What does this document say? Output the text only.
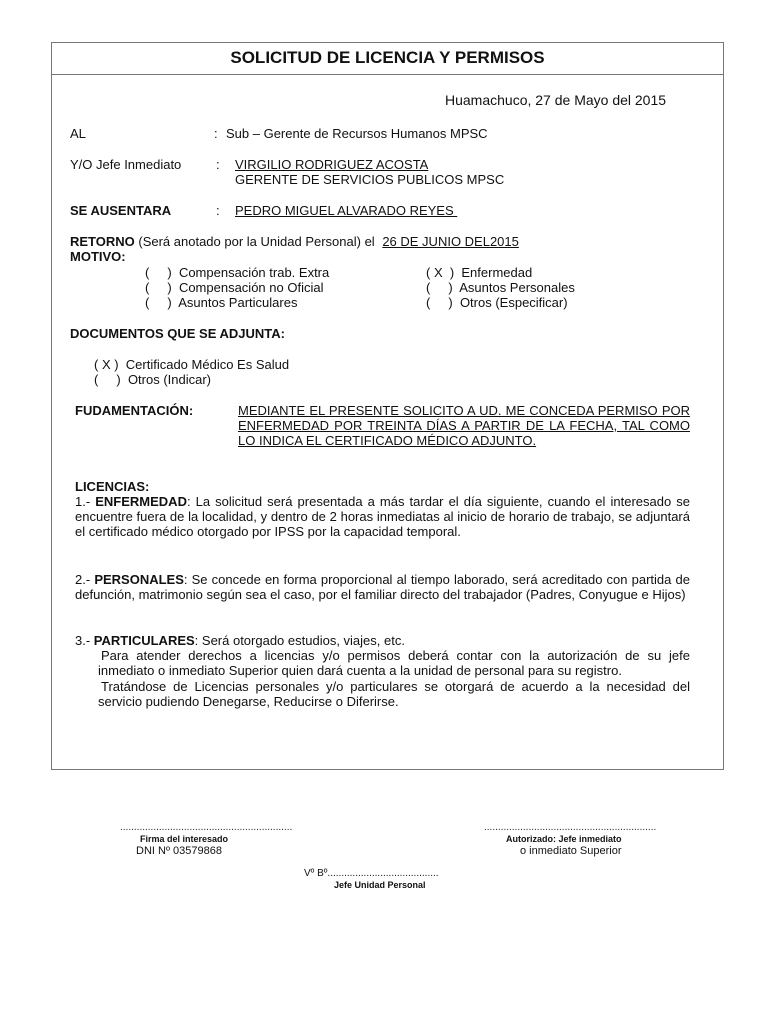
SOLICITUD DE LICENCIA Y PERMISOS
Huamachuco, 27 de Mayo del 2015
AL	: Sub – Gerente de Recursos Humanos MPSC
Y/O Jefe Inmediato	: VIRGILIO RODRIGUEZ ACOSTA
GERENTE DE SERVICIOS PUBLICOS MPSC
SE AUSENTARA	: PEDRO MIGUEL ALVARADO REYES
RETORNO (Será anotado por la Unidad Personal) el 26 DE JUNIO DEL2015
MOTIVO:
(     )  Compensación trab. Extra
(     )  Compensación no Oficial
(     )  Asuntos Particulares
( X  )  Enfermedad
(     )  Asuntos Personales
(     )  Otros (Especificar)
DOCUMENTOS QUE SE ADJUNTA:
( X )  Certificado Médico Es Salud
(     )  Otros (Indicar)
FUDAMENTACIÓN:	MEDIANTE EL PRESENTE SOLICITO A UD. ME CONCEDA PERMISO POR ENFERMEDAD POR TREINTA DÍAS A PARTIR DE LA FECHA, TAL COMO LO INDICA EL CERTIFICADO MÉDICO ADJUNTO.
LICENCIAS:
1.- ENFERMEDAD: La solicitud será presentada a más tardar el día siguiente, cuando el interesado se encuentre fuera de la localidad, y dentro de 2 horas inmediatas al inicio de horario de trabajo, se adjuntará el certificado médico otorgado por IPSS por la capacidad temporal.
2.- PERSONALES: Se concede en forma proporcional al tiempo laborado, será acreditado con partida de defunción, matrimonio según sea el caso, por el familiar directo del trabajador (Padres, Conyugue e Hijos)
3.- PARTICULARES: Será otorgado estudios, viajes, etc.
Para atender derechos a licencias y/o permisos deberá contar con la autorización de su jefe inmediato o inmediato Superior quien dará cuenta a la unidad de personal para su registro.
Tratándose de Licencias personales y/o particulares se otorgará de acuerdo a la necesidad del servicio pudiendo Denegarse, Reducirse o Diferirse.
..............................................................
Firma del interesado
DNI Nº 03579868
..............................................................
Autorizado: Jefe inmediato
o inmediato Superior
Vº Bº........................................
Jefe Unidad Personal
